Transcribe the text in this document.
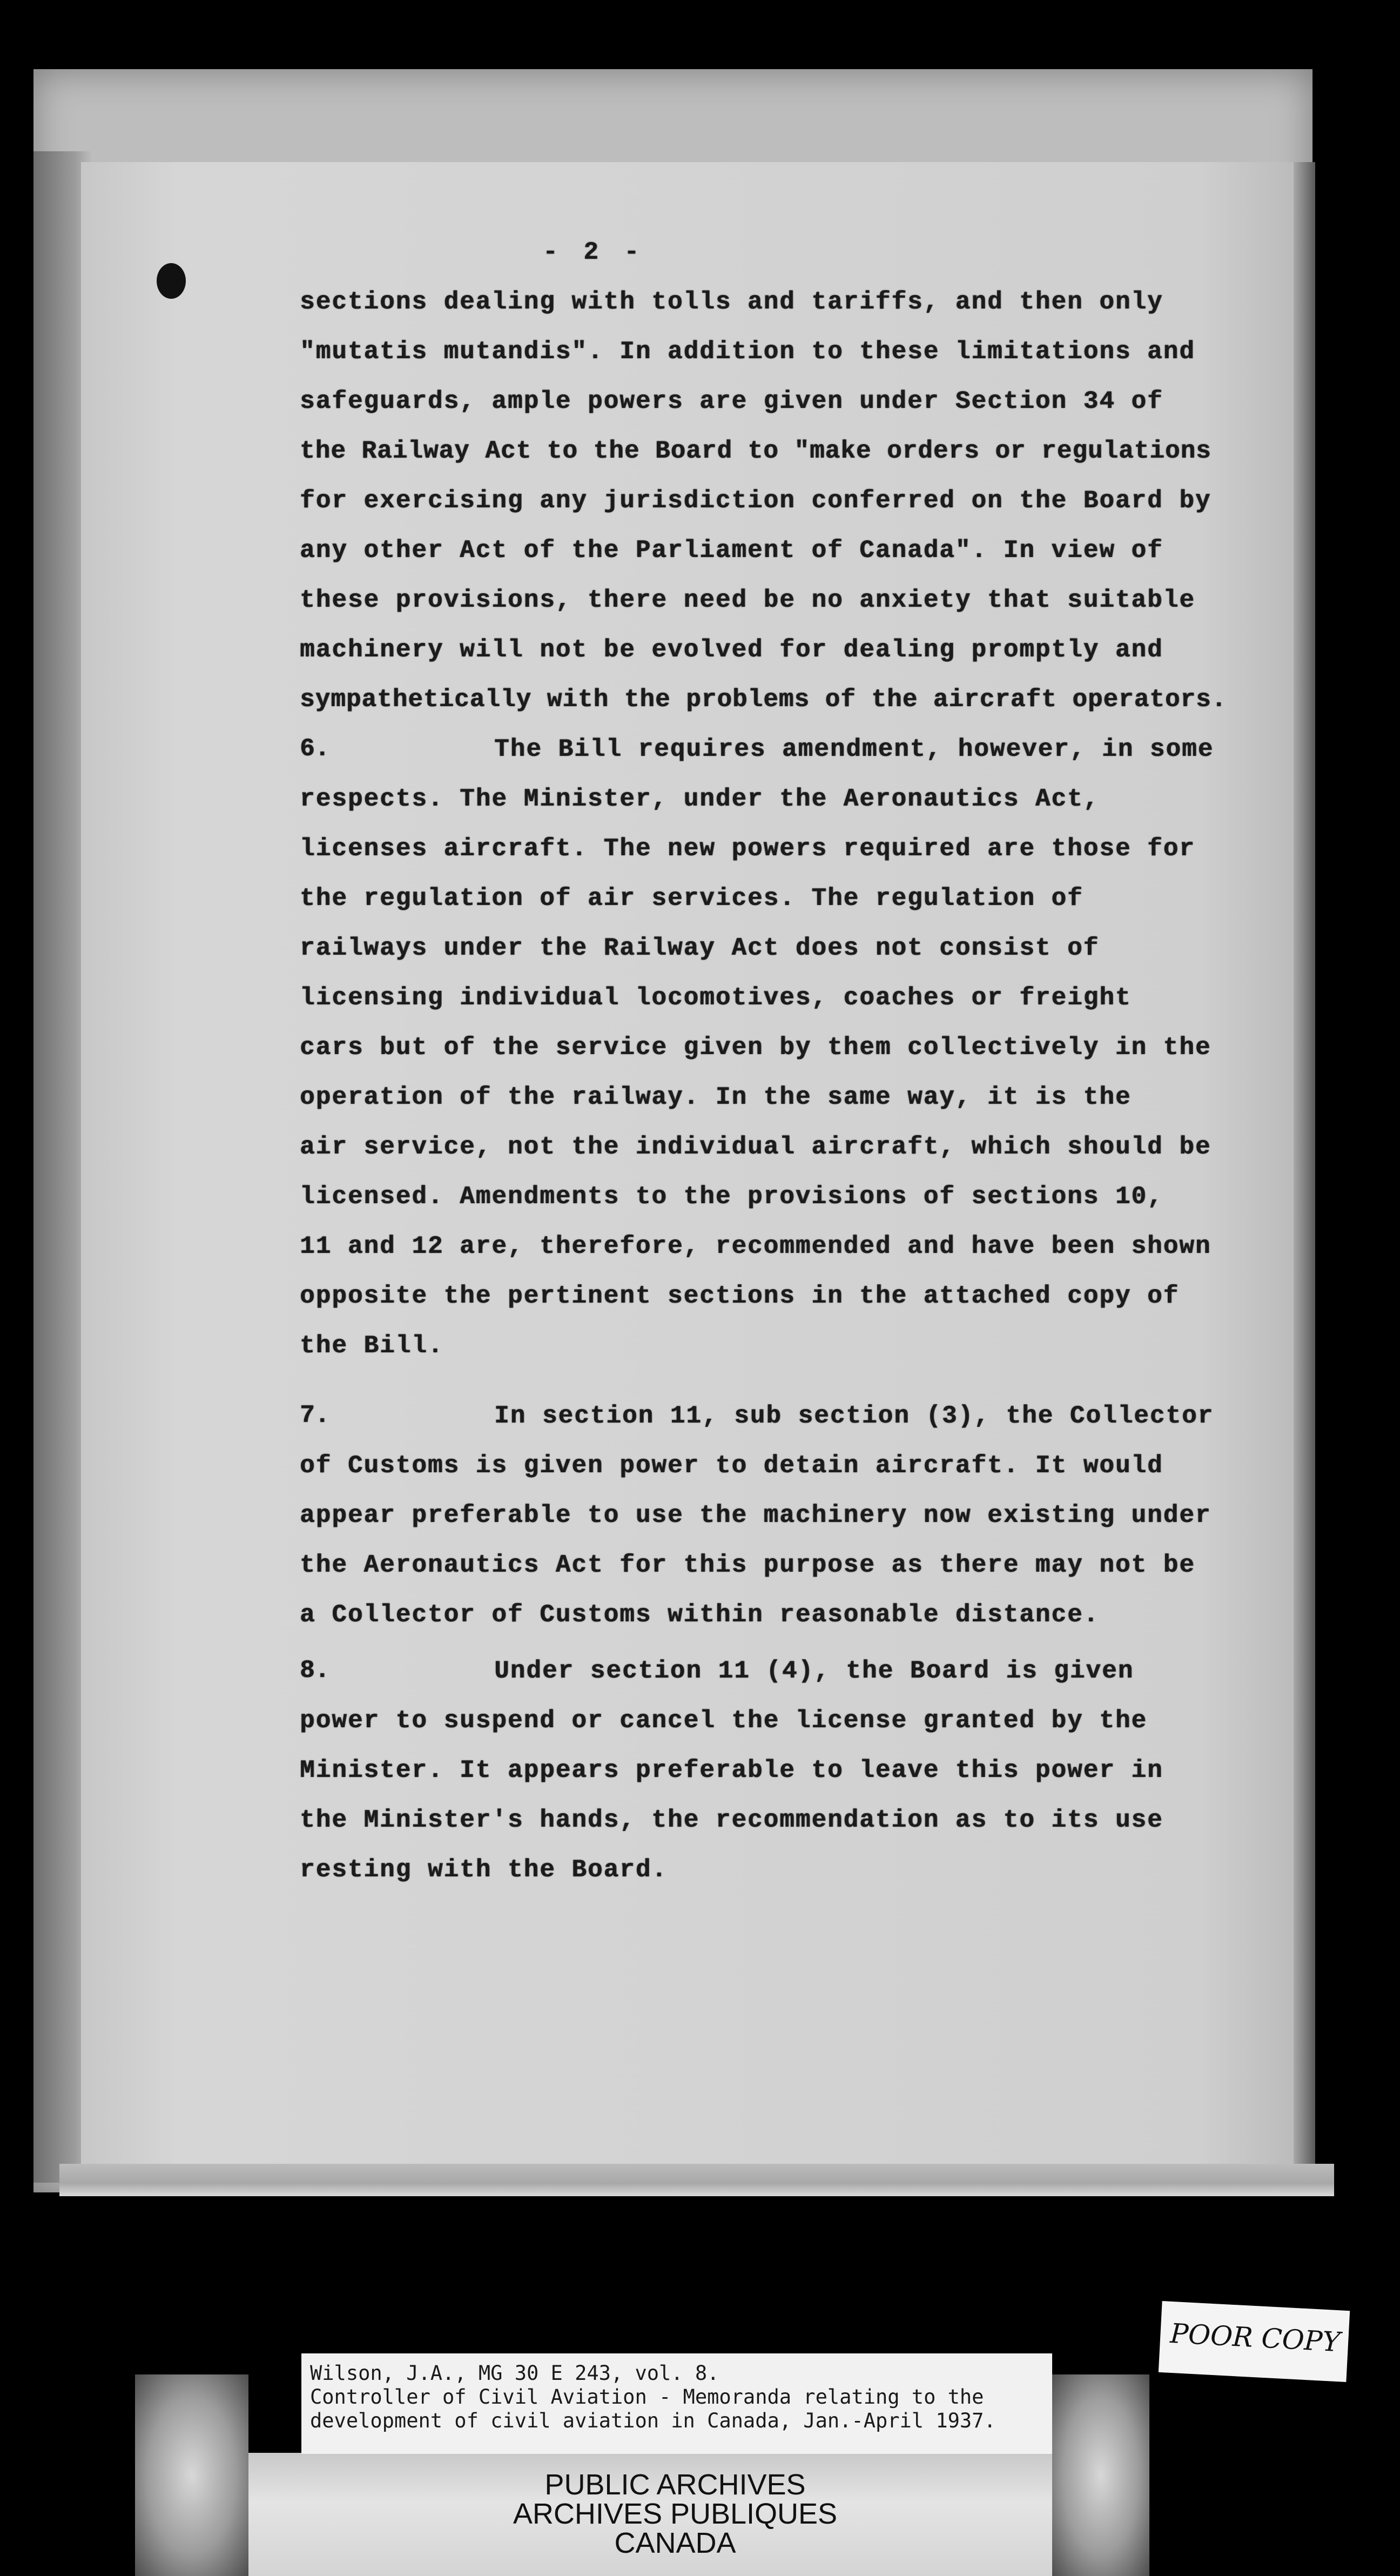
- 2 -

sections dealing with tolls and tariffs, and then only

"mutatis mutandis". In addition to these limitations and

safeguards, ample powers are given under Section 34 of

the Railway Act to the Board to "make orders or regulations

for exercising any jurisdiction conferred on the Board by

any other Act of the Parliament of Canada". In view of

these provisions, there need be no anxiety that suitable

machinery will not be evolved for dealing promptly and

sympathetically with the problems of the aircraft operators.

6.	The Bill requires amendment, however, in some

respects. The Minister, under the Aeronautics Act,

licenses aircraft. The new powers required are those for

the regulation of air services. The regulation of

railways under the Railway Act does not consist of

licensing individual locomotives, coaches or freight

cars but of the service given by them collectively in the

operation of the railway. In the same way, it is the

air service, not the individual aircraft, which should be

licensed. Amendments to the provisions of sections 10,

11 and 12 are, therefore, recommended and have been shown

opposite the pertinent sections in the attached copy of

the Bill.

7.	In section 11, sub section (3), the Collector

of Customs is given power to detain aircraft. It would

appear preferable to use the machinery now existing under

the Aeronautics Act for this purpose as there may not be

a Collector of Customs within reasonable distance.

8.	Under section 11 (4), the Board is given

power to suspend or cancel the license granted by the

Minister. It appears preferable to leave this power in

the Minister's hands, the recommendation as to its use

resting with the Board.

Wilson, J.A., MG 30 E 243, vol. 8.

Controller of Civil Aviation - Memoranda relating to the

development of civil aviation in Canada, Jan.-April 1937.

PUBLIC ARCHIVES

ARCHIVES PUBLIQUES

CANADA

POOR COPY
